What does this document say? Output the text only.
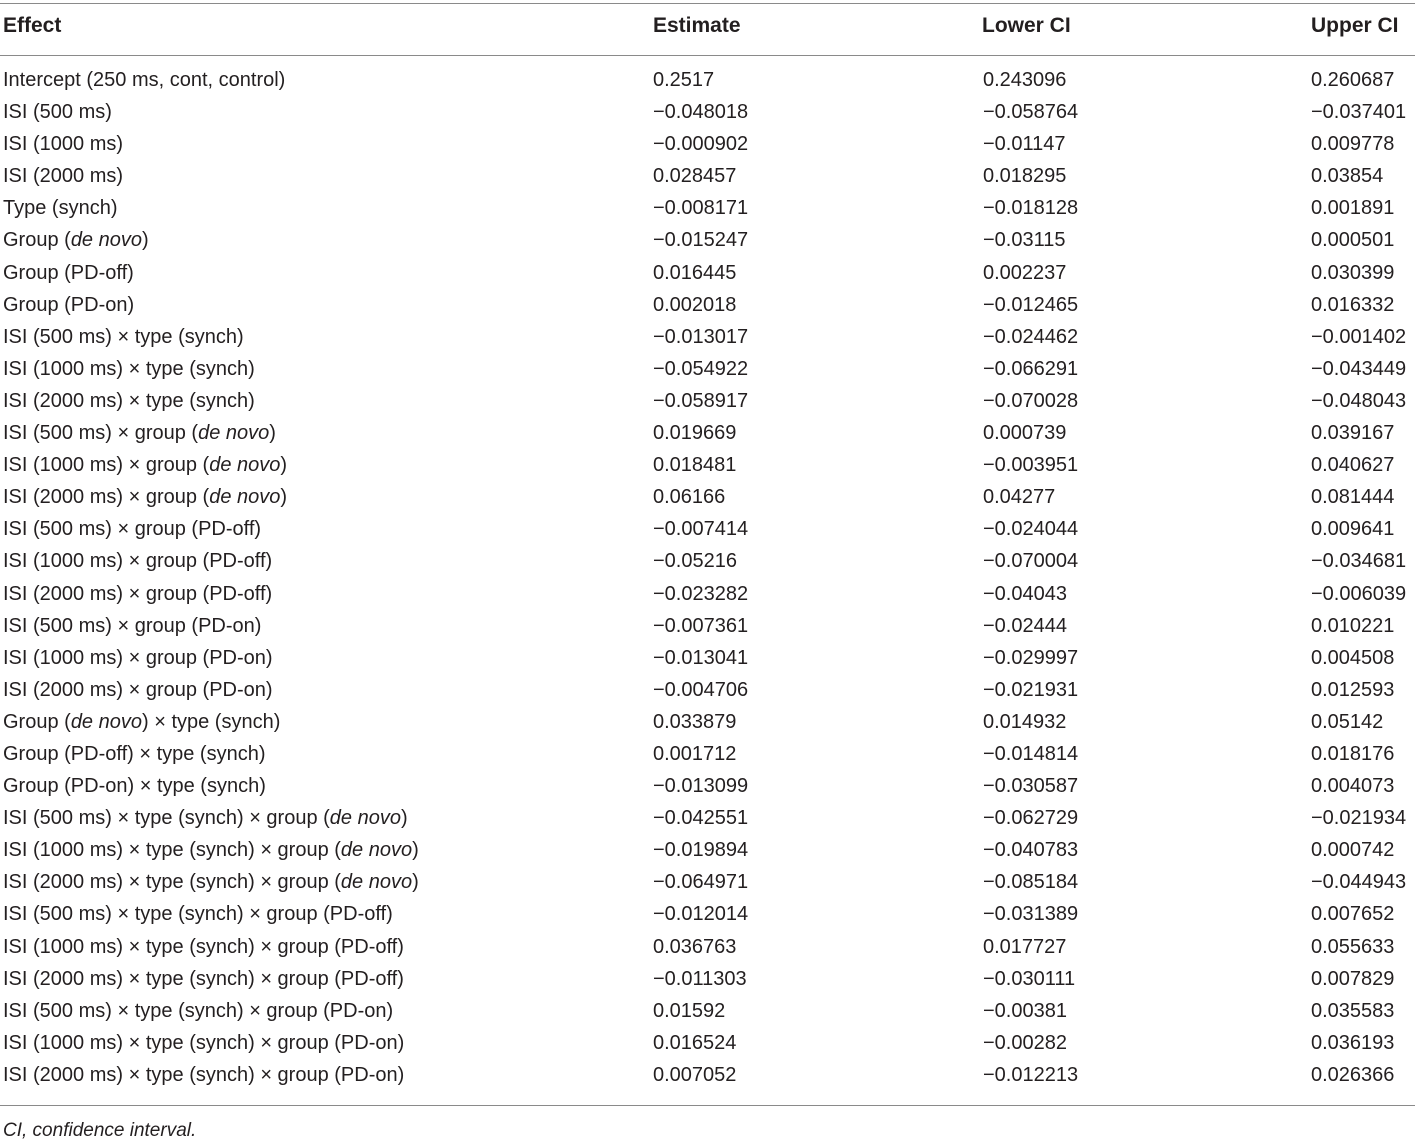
Effect	Estimate	Lower CI	Upper CI
Intercept (250 ms, cont, control)	0.2517	0.243096	0.260687
ISI (500 ms)	−0.048018	−0.058764	−0.037401
ISI (1000 ms)	−0.000902	−0.01147	0.009778
ISI (2000 ms)	0.028457	0.018295	0.03854
Type (synch)	−0.008171	−0.018128	0.001891
Group (de novo)	−0.015247	−0.03115	0.000501
Group (PD-off)	0.016445	0.002237	0.030399
Group (PD-on)	0.002018	−0.012465	0.016332
ISI (500 ms) × type (synch)	−0.013017	−0.024462	−0.001402
ISI (1000 ms) × type (synch)	−0.054922	−0.066291	−0.043449
ISI (2000 ms) × type (synch)	−0.058917	−0.070028	−0.048043
ISI (500 ms) × group (de novo)	0.019669	0.000739	0.039167
ISI (1000 ms) × group (de novo)	0.018481	−0.003951	0.040627
ISI (2000 ms) × group (de novo)	0.06166	0.04277	0.081444
ISI (500 ms) × group (PD-off)	−0.007414	−0.024044	0.009641
ISI (1000 ms) × group (PD-off)	−0.05216	−0.070004	−0.034681
ISI (2000 ms) × group (PD-off)	−0.023282	−0.04043	−0.006039
ISI (500 ms) × group (PD-on)	−0.007361	−0.02444	0.010221
ISI (1000 ms) × group (PD-on)	−0.013041	−0.029997	0.004508
ISI (2000 ms) × group (PD-on)	−0.004706	−0.021931	0.012593
Group (de novo) × type (synch)	0.033879	0.014932	0.05142
Group (PD-off) × type (synch)	0.001712	−0.014814	0.018176
Group (PD-on) × type (synch)	−0.013099	−0.030587	0.004073
ISI (500 ms) × type (synch) × group (de novo)	−0.042551	−0.062729	−0.021934
ISI (1000 ms) × type (synch) × group (de novo)	−0.019894	−0.040783	0.000742
ISI (2000 ms) × type (synch) × group (de novo)	−0.064971	−0.085184	−0.044943
ISI (500 ms) × type (synch) × group (PD-off)	−0.012014	−0.031389	0.007652
ISI (1000 ms) × type (synch) × group (PD-off)	0.036763	0.017727	0.055633
ISI (2000 ms) × type (synch) × group (PD-off)	−0.011303	−0.030111	0.007829
ISI (500 ms) × type (synch) × group (PD-on)	0.01592	−0.00381	0.035583
ISI (1000 ms) × type (synch) × group (PD-on)	0.016524	−0.00282	0.036193
ISI (2000 ms) × type (synch) × group (PD-on)	0.007052	−0.012213	0.026366
CI, confidence interval.
